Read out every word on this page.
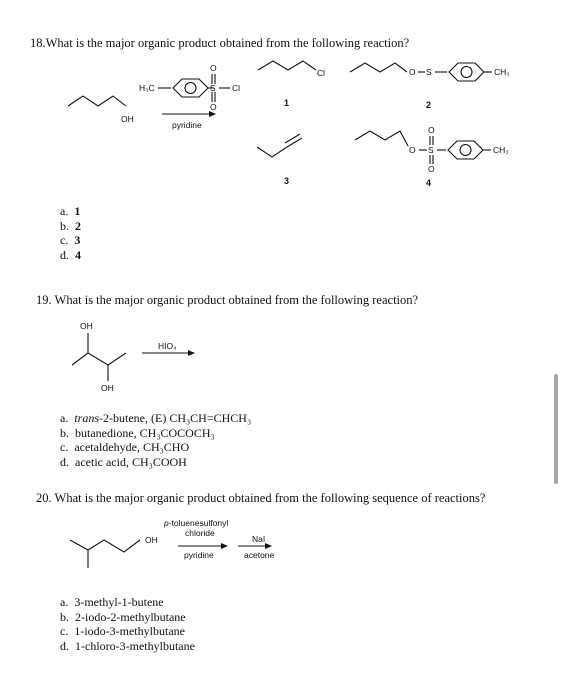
18.What is the major organic product obtained from the following reaction?
OH
H₃C
O
S Cl
O
pyridine
Cl
1
O S	CH₃
2
3
O
O
S
O
CH₃
4
a. 1
b. 2
c. 3
d. 4
19. What is the major organic product obtained from the following reaction?
OH
OH
HIO₄
a. trans-2-butene, (E) CH₃CH=CHCH₃
b. butanedione, CH₃COCOCH₃
c. acetaldehyde, CH₃CHO
d. acetic acid, CH₃COOH
20. What is the major organic product obtained from the following sequence of reactions?
OH
p-toluenesulfonyl
chloride
pyridine
NaI
acetone
a. 3-methyl-1-butene
b. 2-iodo-2-methylbutane
c. 1-iodo-3-methylbutane
d. 1-chloro-3-methylbutane
